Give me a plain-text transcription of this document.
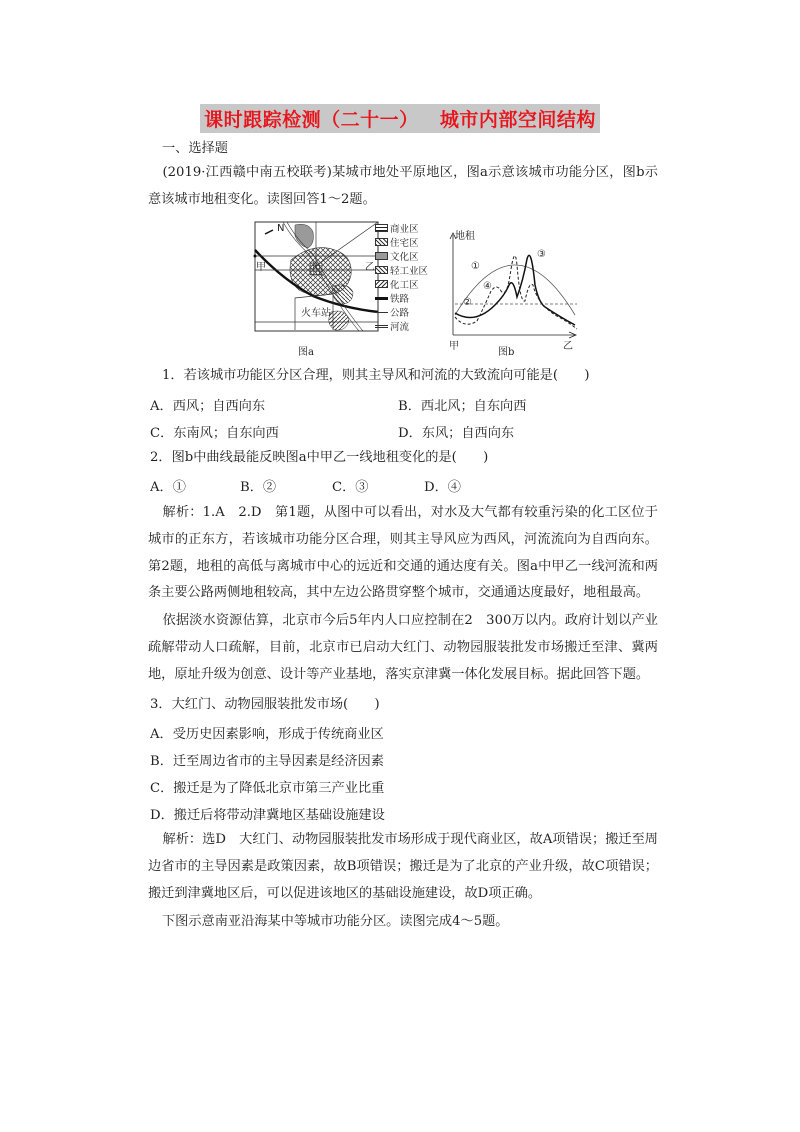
课时跟踪检测（二十一）   城市内部空间结构
一、选择题
(2019·江西赣中南五校联考)某城市地处平原地区，图a示意该城市功能分区，图b示意该城市地租变化。读图回答1～2题。
N
甲	乙
火车站
商业区
住宅区
文化区
轻工业区
化工区
铁路
公路
河流
图a
地租
甲	乙
①
②
③
④
图b
1．若该城市功能区分区合理，则其主导风和河流的大致流向可能是(　　)
A．西风；自西向东	B．西北风；自东向西
C．东南风；自东向西	D．东风；自西向东
2．图b中曲线最能反映图a中甲乙一线地租变化的是(　　)
A．①	B．②	C．③	D．④
解析：1.A　2.D　第1题，从图中可以看出，对水及大气都有较重污染的化工区位于城市的正东方，若该城市功能分区合理，则其主导风应为西风，河流流向为自西向东。第2题，地租的高低与离城市中心的远近和交通的通达度有关。图a中甲乙一线河流和两条主要公路两侧地租较高，其中左边公路贯穿整个城市，交通通达度最好，地租最高。
依据淡水资源估算，北京市今后5年内人口应控制在2　300万以内。政府计划以产业疏解带动人口疏解，目前，北京市已启动大红门、动物园服装批发市场搬迁至津、冀两地，原址升级为创意、设计等产业基地，落实京津冀一体化发展目标。据此回答下题。
3．大红门、动物园服装批发市场(　　)
A．受历史因素影响，形成于传统商业区
B．迁至周边省市的主导因素是经济因素
C．搬迁是为了降低北京市第三产业比重
D．搬迁后将带动津冀地区基础设施建设
解析：选D　大红门、动物园服装批发市场形成于现代商业区，故A项错误；搬迁至周边省市的主导因素是政策因素，故B项错误；搬迁是为了北京的产业升级，故C项错误；搬迁到津冀地区后，可以促进该地区的基础设施建设，故D项正确。
下图示意南亚沿海某中等城市功能分区。读图完成4～5题。
